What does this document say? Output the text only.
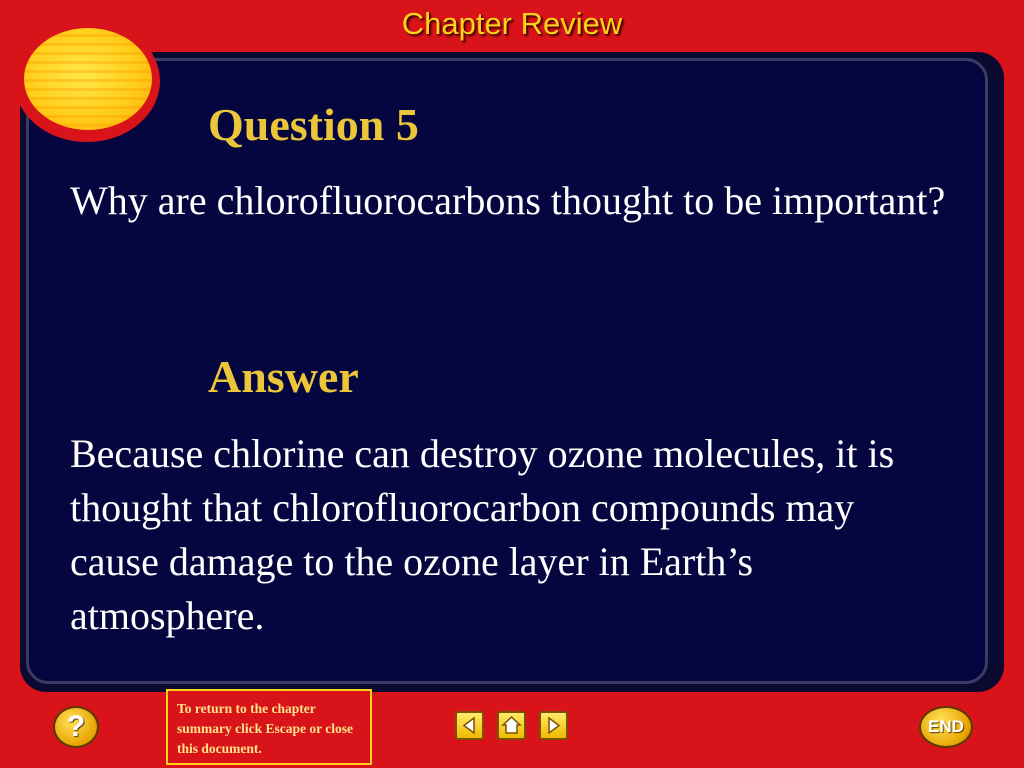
Chapter Review
Question 5
Why are chlorofluorocarbons thought to be important?
Answer
Because chlorine can destroy ozone molecules, it is thought that chlorofluorocarbon compounds may cause damage to the ozone layer in Earth’s atmosphere.
?
To return to the chapter summary click Escape or close this document.
END
